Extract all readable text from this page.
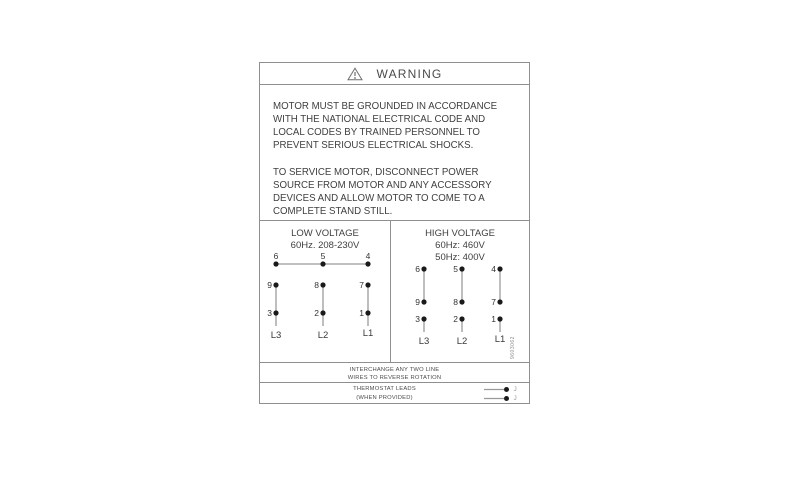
WARNING
MOTOR MUST BE GROUNDED IN ACCORDANCE
WITH THE NATIONAL ELECTRICAL CODE AND
LOCAL CODES BY TRAINED PERSONNEL TO
PREVENT SERIOUS ELECTRICAL SHOCKS.
TO SERVICE MOTOR, DISCONNECT POWER
SOURCE FROM MOTOR AND ANY ACCESSORY
DEVICES AND ALLOW MOTOR TO COME TO A
COMPLETE STAND STILL.
LOW VOLTAGE
60Hz. 208-230V
6	5	4
9	8	7
3	2	1
L3	L2	L1
HIGH VOLTAGE
60Hz: 460V
50Hz: 400V
6	5	4
9	8	7
3	2	1
L3	L2	L1 9603062
INTERCHANGE ANY TWO LINE
WIRES TO REVERSE ROTATION
THERMOSTAT LEADS
(WHEN PROVIDED)
J
J
